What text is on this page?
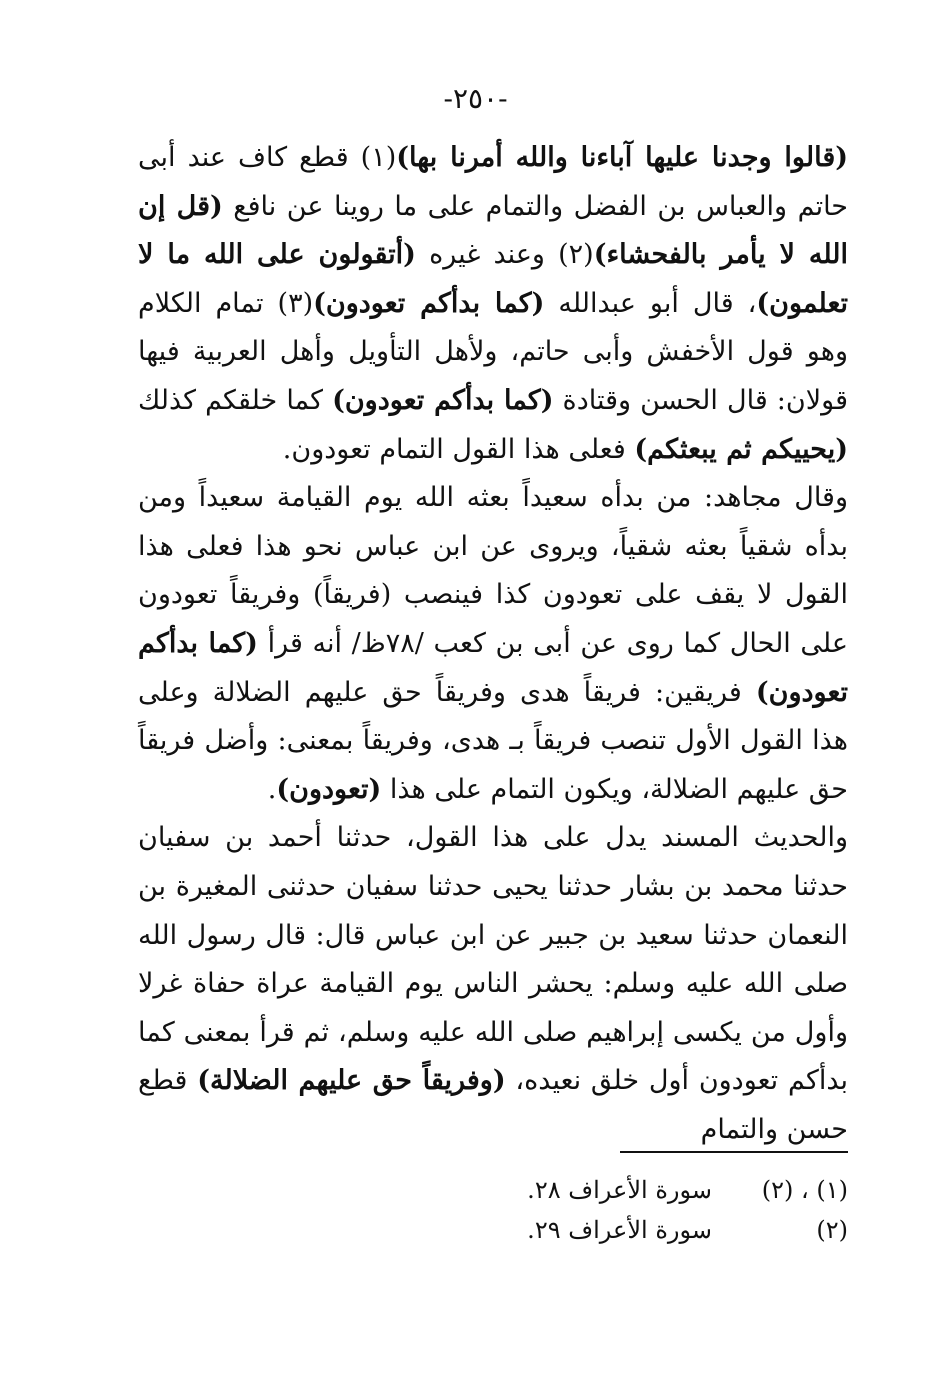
-٢٥٠-

(قالوا وجدنا عليها آباءنا والله أمرنا بها)(١) قطع كاف عند أبى حاتم والعباس بن الفضل والتمام على ما روينا عن نافع (قل إن الله لا يأمر بالفحشاء)(٢) وعند غيره (أتقولون على الله ما لا تعلمون)، قال أبو عبدالله (كما بدأكم تعودون)(٣) تمام الكلام وهو قول الأخفش وأبى حاتم، ولأهل التأويل وأهل العربية فيها قولان: قال الحسن وقتادة (كما بدأكم تعودون) كما خلقكم كذلك (يحييكم ثم يبعثكم) فعلى هذا القول التمام تعودون.

وقال مجاهد: من بدأه سعيداً بعثه الله يوم القيامة سعيداً ومن بدأه شقياً بعثه شقياً، ويروى عن ابن عباس نحو هذا فعلى هذا القول لا يقف على تعودون كذا فينصب (فريقاً) وفريقاً تعودون على الحال كما روى عن أبى بن كعب /٧٨ظ/ أنه قرأ (كما بدأكم تعودون) فريقين: فريقاً هدى وفريقاً حق عليهم الضلالة وعلى هذا القول الأول تنصب فريقاً بـ هدى، وفريقاً بمعنى: وأضل فريقاً حق عليهم الضلالة، ويكون التمام على هذا (تعودون).

والحديث المسند يدل على هذا القول، حدثنا أحمد بن سفيان حدثنا محمد بن بشار حدثنا يحيى حدثنا سفيان حدثنى المغيرة بن النعمان حدثنا سعيد بن جبير عن ابن عباس قال: قال رسول الله صلى الله عليه وسلم: يحشر الناس يوم القيامة عراة حفاة غرلا وأول من يكسى إبراهيم صلى الله عليه وسلم، ثم قرأ بمعنى كما بدأكم تعودون أول خلق نعيده، (وفريقاً حق عليهم الضلالة) قطع حسن والتمام

(١) ، (٢)
سورة الأعراف ٢٨.
(٢)
سورة الأعراف ٢٩.
